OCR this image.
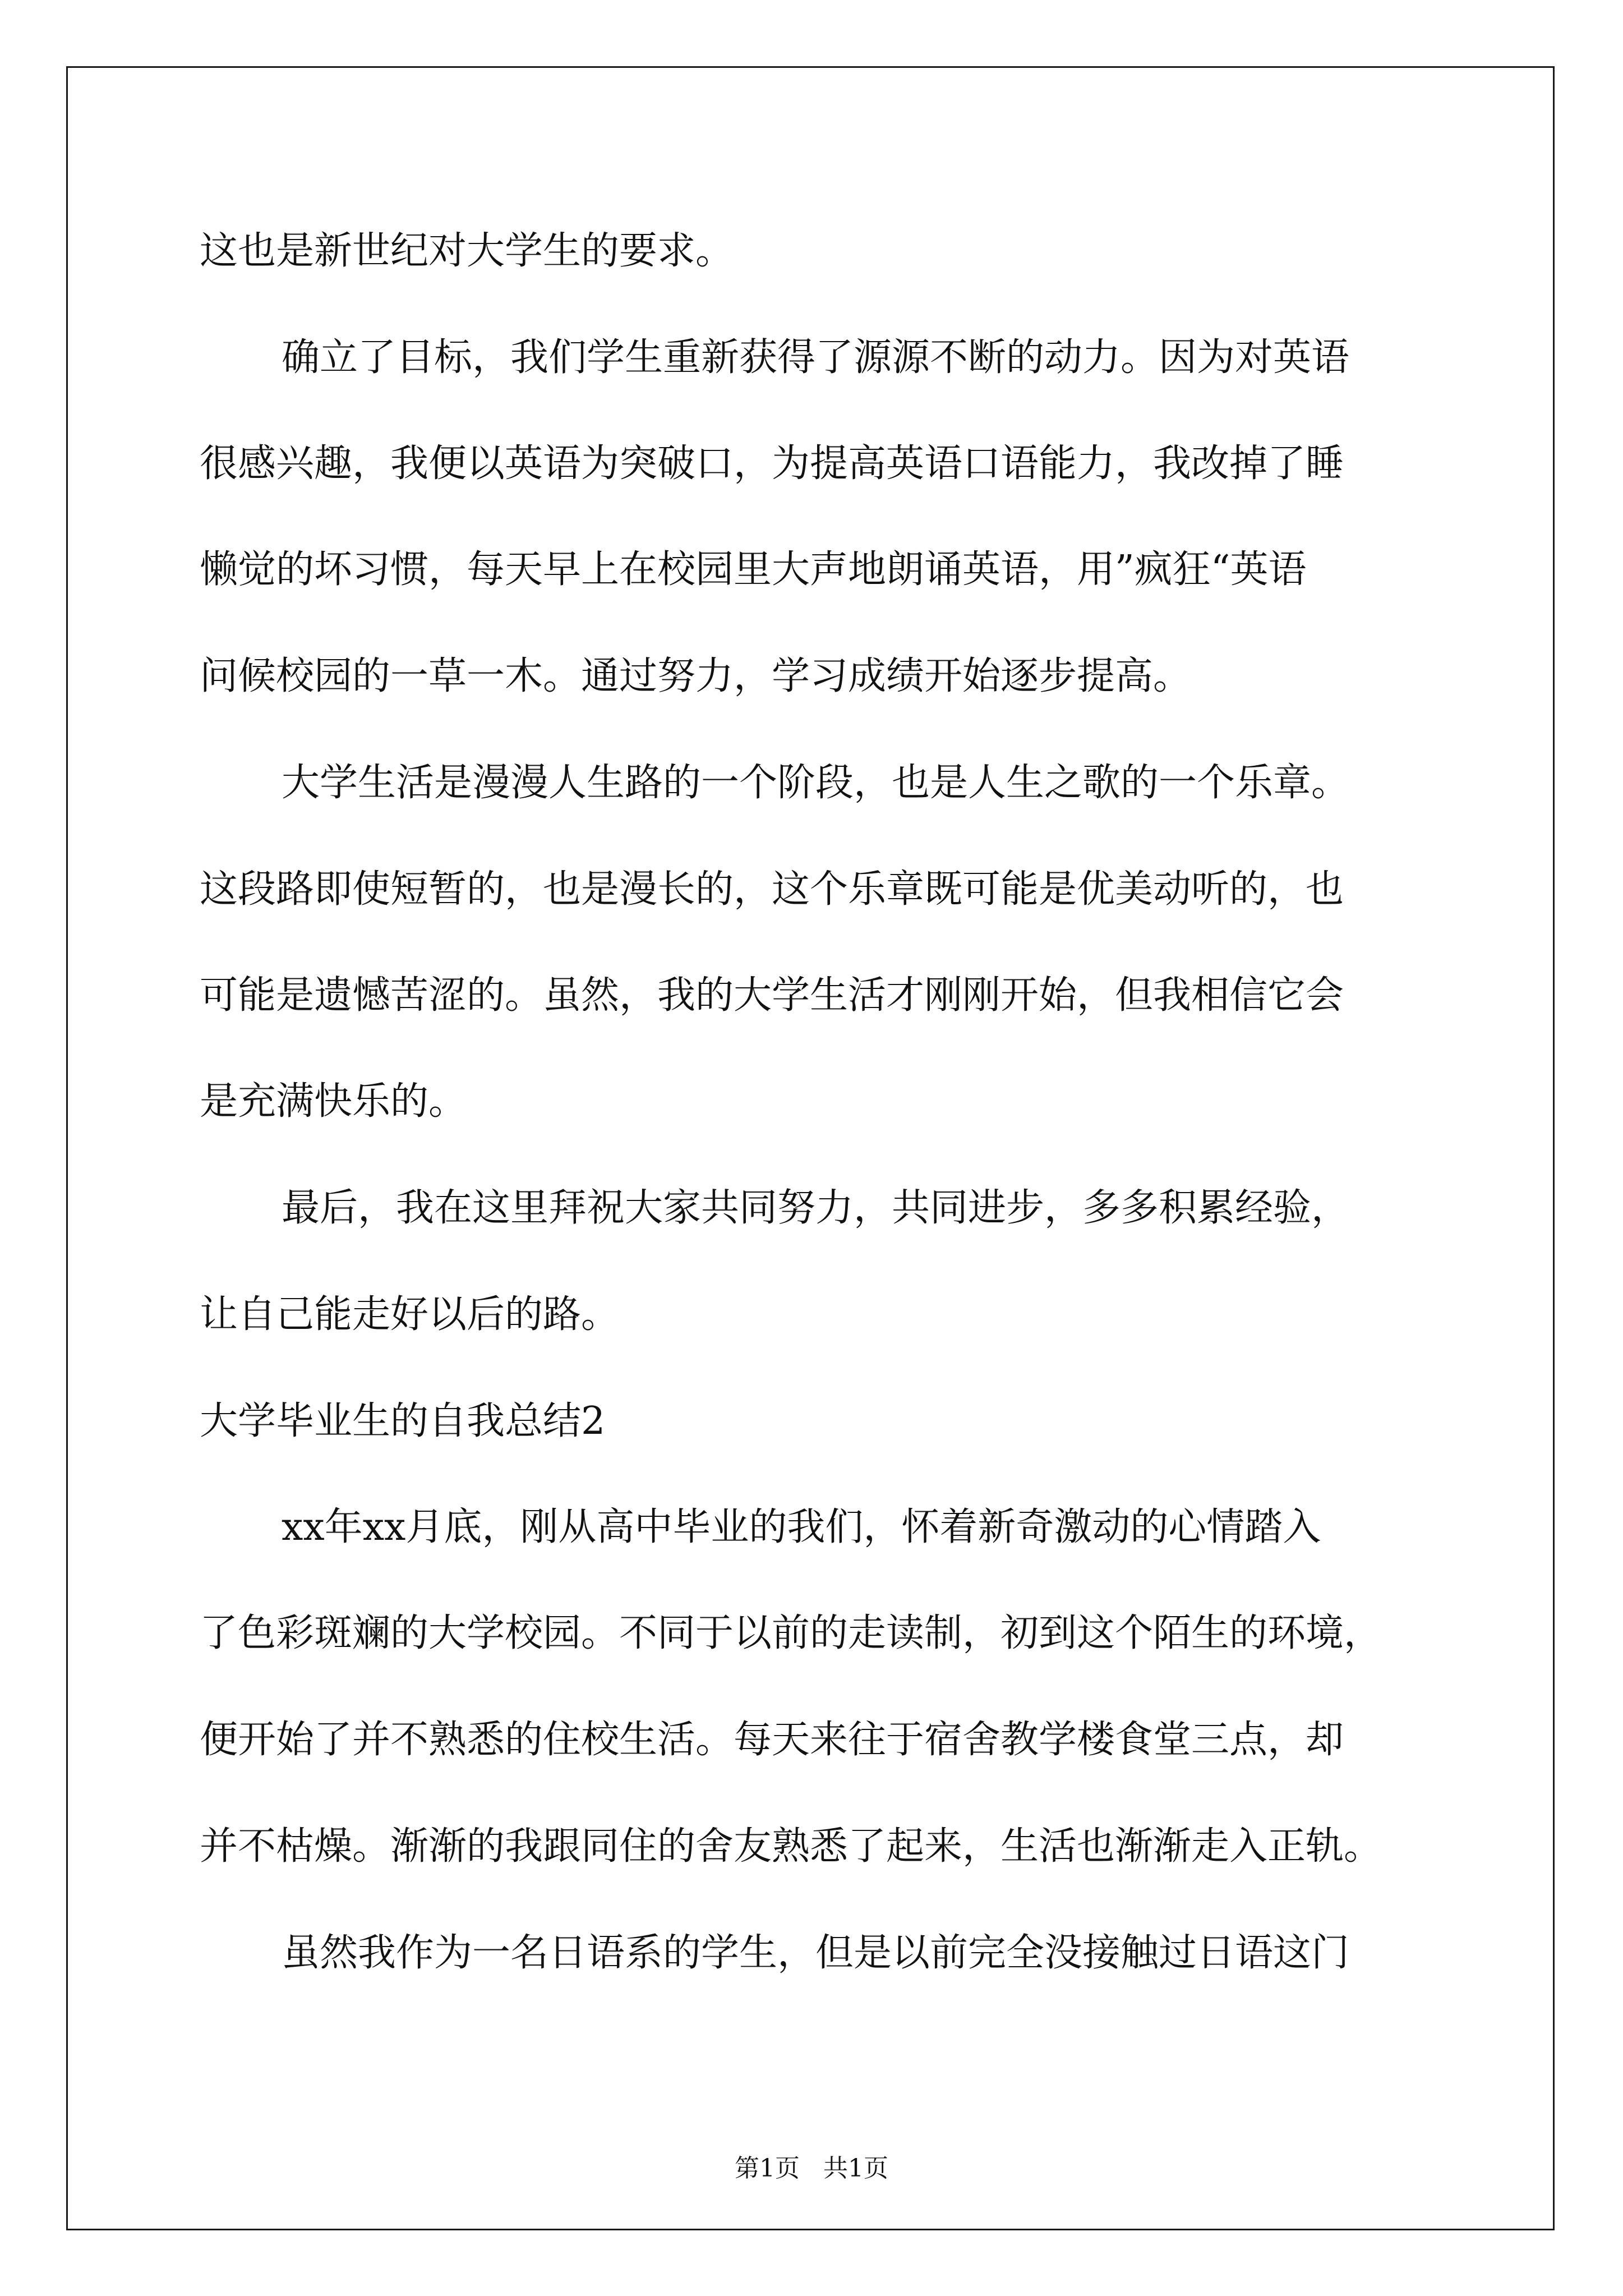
这也是新世纪对大学生的要求。

确立了目标，我们学生重新获得了源源不断的动力。因为对英语

很感兴趣，我便以英语为突破口，为提高英语口语能力，我改掉了睡

懒觉的坏习惯，每天早上在校园里大声地朗诵英语，用”疯狂“英语

问候校园的一草一木。通过努力，学习成绩开始逐步提高。

大学生活是漫漫人生路的一个阶段，也是人生之歌的一个乐章。

这段路即使短暂的，也是漫长的，这个乐章既可能是优美动听的，也

可能是遗憾苦涩的。虽然，我的大学生活才刚刚开始，但我相信它会

是充满快乐的。

最后，我在这里拜祝大家共同努力，共同进步，多多积累经验，

让自己能走好以后的路。

大学毕业生的自我总结2

xx年xx月底，刚从高中毕业的我们，怀着新奇激动的心情踏入

了色彩斑斓的大学校园。不同于以前的走读制，初到这个陌生的环境，

便开始了并不熟悉的住校生活。每天来往于宿舍教学楼食堂三点，却

并不枯燥。渐渐的我跟同住的舍友熟悉了起来，生活也渐渐走入正轨。

虽然我作为一名日语系的学生，但是以前完全没接触过日语这门

第1页   共1页
